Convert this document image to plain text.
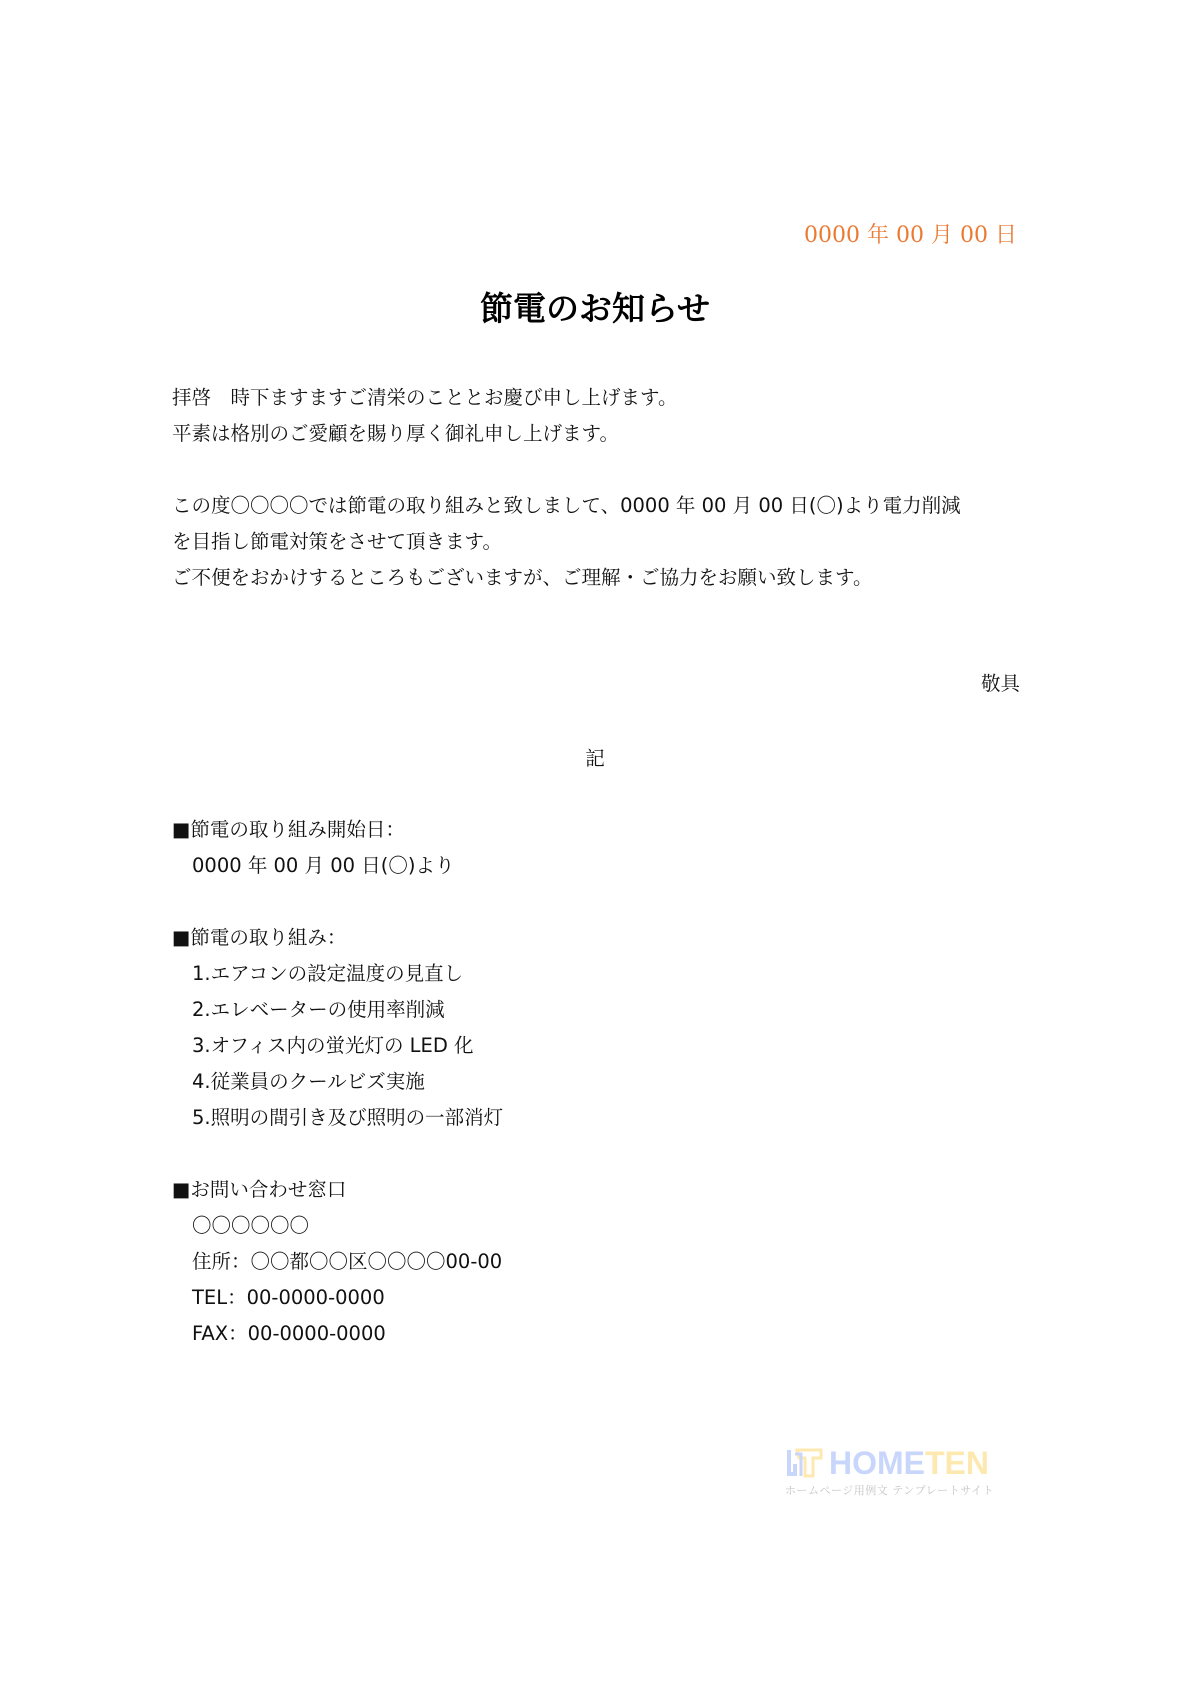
0000 年 00 月 00 日
節電のお知らせ
拝啓　時下ますますご清栄のこととお慶び申し上げます。
平素は格別のご愛顧を賜り厚く御礼申し上げます。
この度〇〇〇〇では節電の取り組みと致しまして、0000 年 00 月 00 日(〇)より電力削減
を目指し節電対策をさせて頂きます。
ご不便をおかけするところもございますが、ご理解・ご協力をお願い致します。
敬具
記
■節電の取り組み開始日：
0000 年 00 月 00 日(〇)より
■節電の取り組み：
1.エアコンの設定温度の見直し
2.エレベーターの使用率削減
3.オフィス内の蛍光灯の LED 化
4.従業員のクールビズ実施
5.照明の間引き及び照明の一部消灯
■お問い合わせ窓口
〇〇〇〇〇〇
住所：〇〇都〇〇区〇〇〇〇00-00
TEL：00-0000-0000
FAX：00-0000-0000
HOMETEN
ホームページ用例文 テンプレートサイト
